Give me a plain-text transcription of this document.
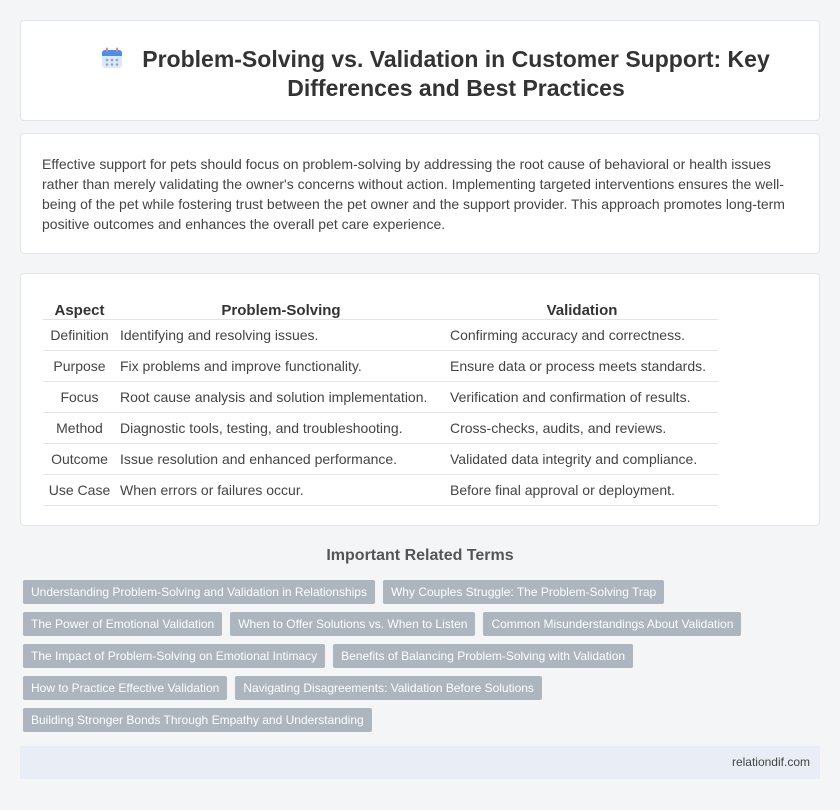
Problem-Solving vs. Validation in Customer Support: Key Differences and Best Practices

Effective support for pets should focus on problem-solving by addressing the root cause of behavioral or health issues rather than merely validating the owner's concerns without action. Implementing targeted interventions ensures the well-being of the pet while fostering trust between the pet owner and the support provider. This approach promotes long-term positive outcomes and enhances the overall pet care experience.

Aspect	Problem-Solving	Validation
Definition	Identifying and resolving issues.	Confirming accuracy and correctness.
Purpose	Fix problems and improve functionality.	Ensure data or process meets standards.
Focus	Root cause analysis and solution implementation.	Verification and confirmation of results.
Method	Diagnostic tools, testing, and troubleshooting.	Cross-checks, audits, and reviews.
Outcome	Issue resolution and enhanced performance.	Validated data integrity and compliance.
Use Case	When errors or failures occur.	Before final approval or deployment.
Important Related Terms
Understanding Problem-Solving and Validation in Relationships	Why Couples Struggle: The Problem-Solving Trap
The Power of Emotional Validation	When to Offer Solutions vs. When to Listen	Common Misunderstandings About Validation
The Impact of Problem-Solving on Emotional Intimacy	Benefits of Balancing Problem-Solving with Validation
How to Practice Effective Validation	Navigating Disagreements: Validation Before Solutions
Building Stronger Bonds Through Empathy and Understanding
relationdif.com
